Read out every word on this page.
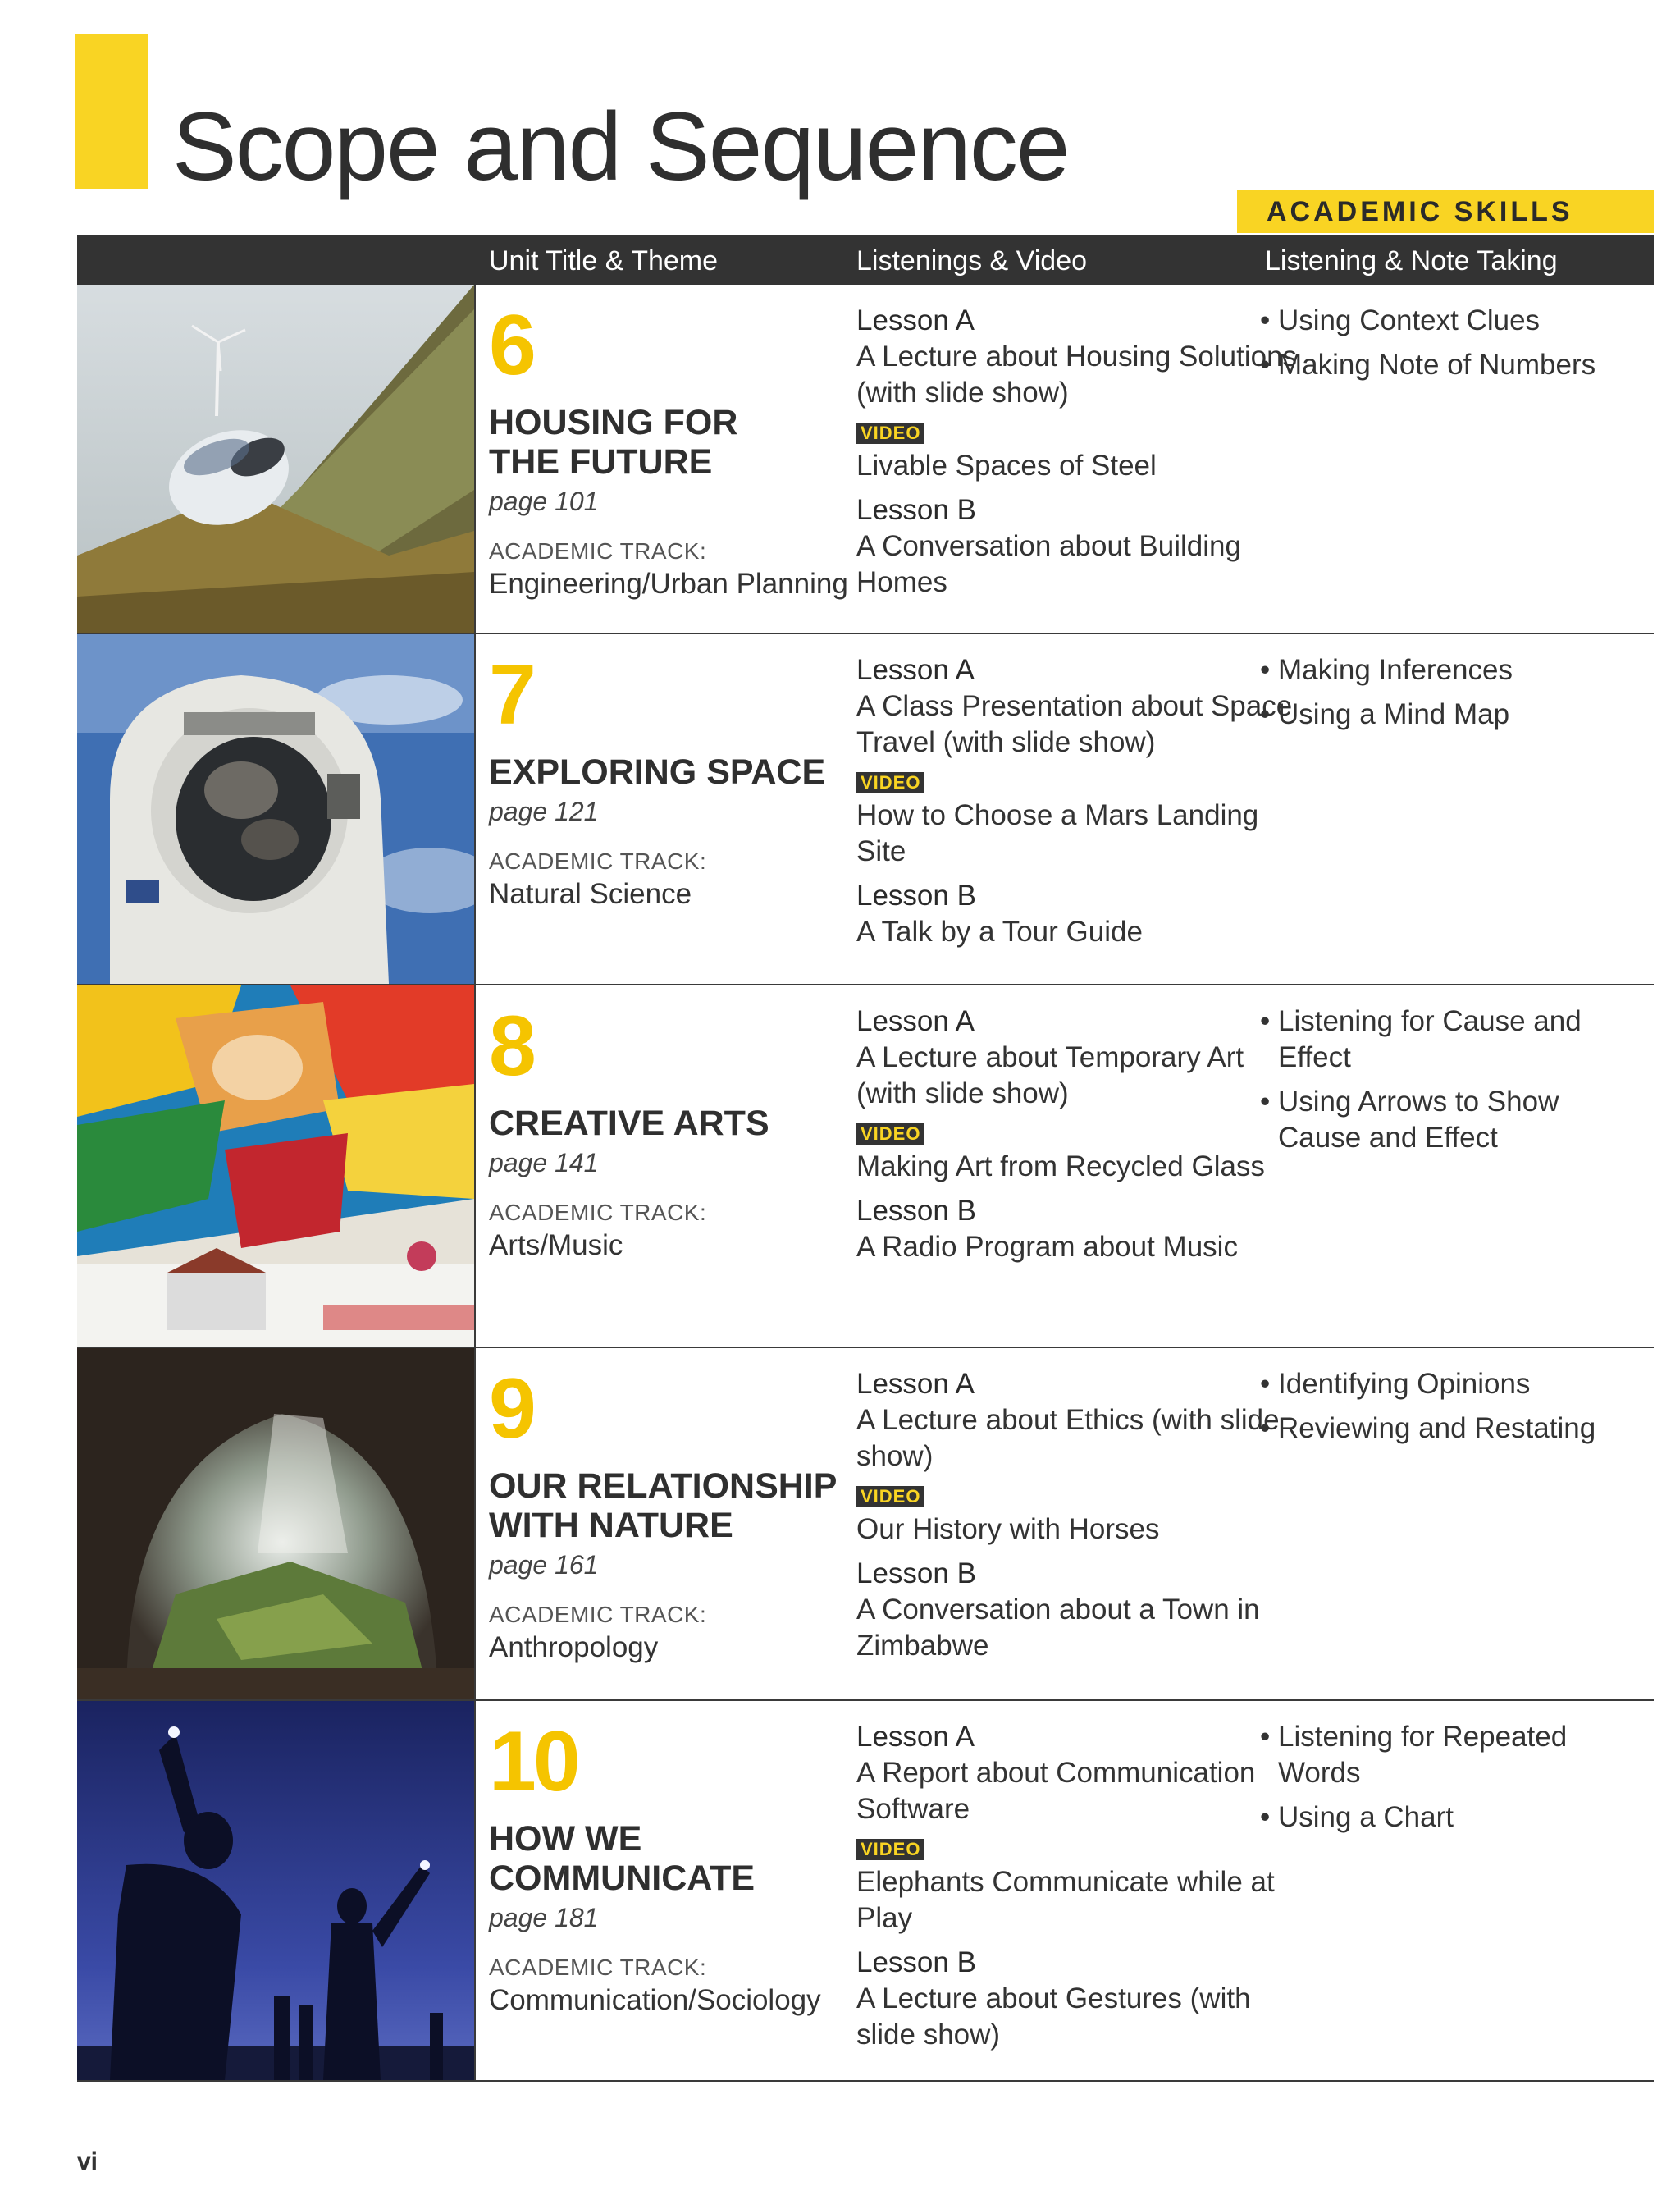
Scope and Sequence
ACADEMIC SKILLS
Unit Title & Theme	Listenings & Video	Listening & Note Taking
6
HOUSING FOR
THE FUTURE
page 101
ACADEMIC TRACK:
Engineering/Urban Planning
Lesson A
A Lecture about Housing Solutions (with slide show)
VIDEO
Livable Spaces of Steel
Lesson B
A Conversation about Building Homes
• Using Context Clues
• Making Note of Numbers
7
EXPLORING SPACE
page 121
ACADEMIC TRACK:
Natural Science
Lesson A
A Class Presentation about Space Travel (with slide show)
VIDEO
How to Choose a Mars Landing Site
Lesson B
A Talk by a Tour Guide
• Making Inferences
• Using a Mind Map
8
CREATIVE ARTS
page 141
ACADEMIC TRACK:
Arts/Music
Lesson A
A Lecture about Temporary Art (with slide show)
VIDEO
Making Art from Recycled Glass
Lesson B
A Radio Program about Music
• Listening for Cause and Effect
• Using Arrows to Show Cause and Effect
9
OUR RELATIONSHIP
WITH NATURE
page 161
ACADEMIC TRACK:
Anthropology
Lesson A
A Lecture about Ethics (with slide show)
VIDEO
Our History with Horses
Lesson B
A Conversation about a Town in Zimbabwe
• Identifying Opinions
• Reviewing and Restating
10
HOW WE
COMMUNICATE
page 181
ACADEMIC TRACK:
Communication/Sociology
Lesson A
A Report about Communication Software
VIDEO
Elephants Communicate while at Play
Lesson B
A Lecture about Gestures (with slide show)
• Listening for Repeated Words
• Using a Chart
vi
